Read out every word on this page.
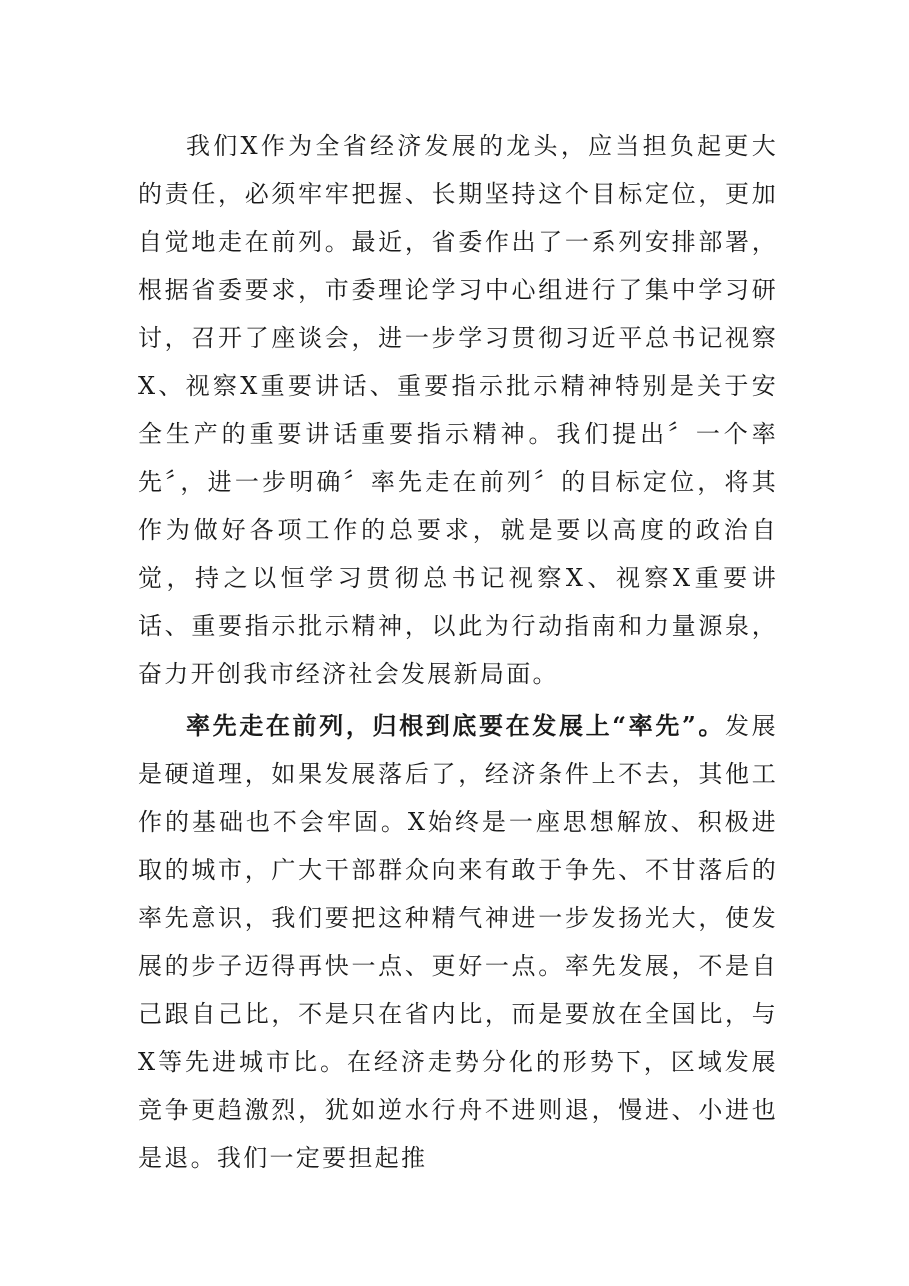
我们X作为全省经济发展的龙头，应当担负起更大的责任，必须牢牢把握、长期坚持这个目标定位，更加自觉地走在前列。最近，省委作出了一系列安排部署，根据省委要求，市委理论学习中心组进行了集中学习研讨，召开了座谈会，进一步学习贯彻习近平总书记视察X、视察X重要讲话、重要指示批示精神特别是关于安全生产的重要讲话重要指示精神。我们提出〞一个率先〞，进一步明确〞率先走在前列〞的目标定位，将其作为做好各项工作的总要求，就是要以高度的政治自觉，持之以恒学习贯彻总书记视察X、视察X重要讲话、重要指示批示精神，以此为行动指南和力量源泉，奋力开创我市经济社会发展新局面。

率先走在前列，归根到底要在发展上“率先”。发展是硬道理，如果发展落后了，经济条件上不去，其他工作的基础也不会牢固。X始终是一座思想解放、积极进取的城市，广大干部群众向来有敢于争先、不甘落后的率先意识，我们要把这种精气神进一步发扬光大，使发展的步子迈得再快一点、更好一点。率先发展，不是自己跟自己比，不是只在省内比，而是要放在全国比，与X等先进城市比。在经济走势分化的形势下，区域发展竞争更趋激烈，犹如逆水行舟不进则退，慢进、小进也是退。我们一定要担起推
